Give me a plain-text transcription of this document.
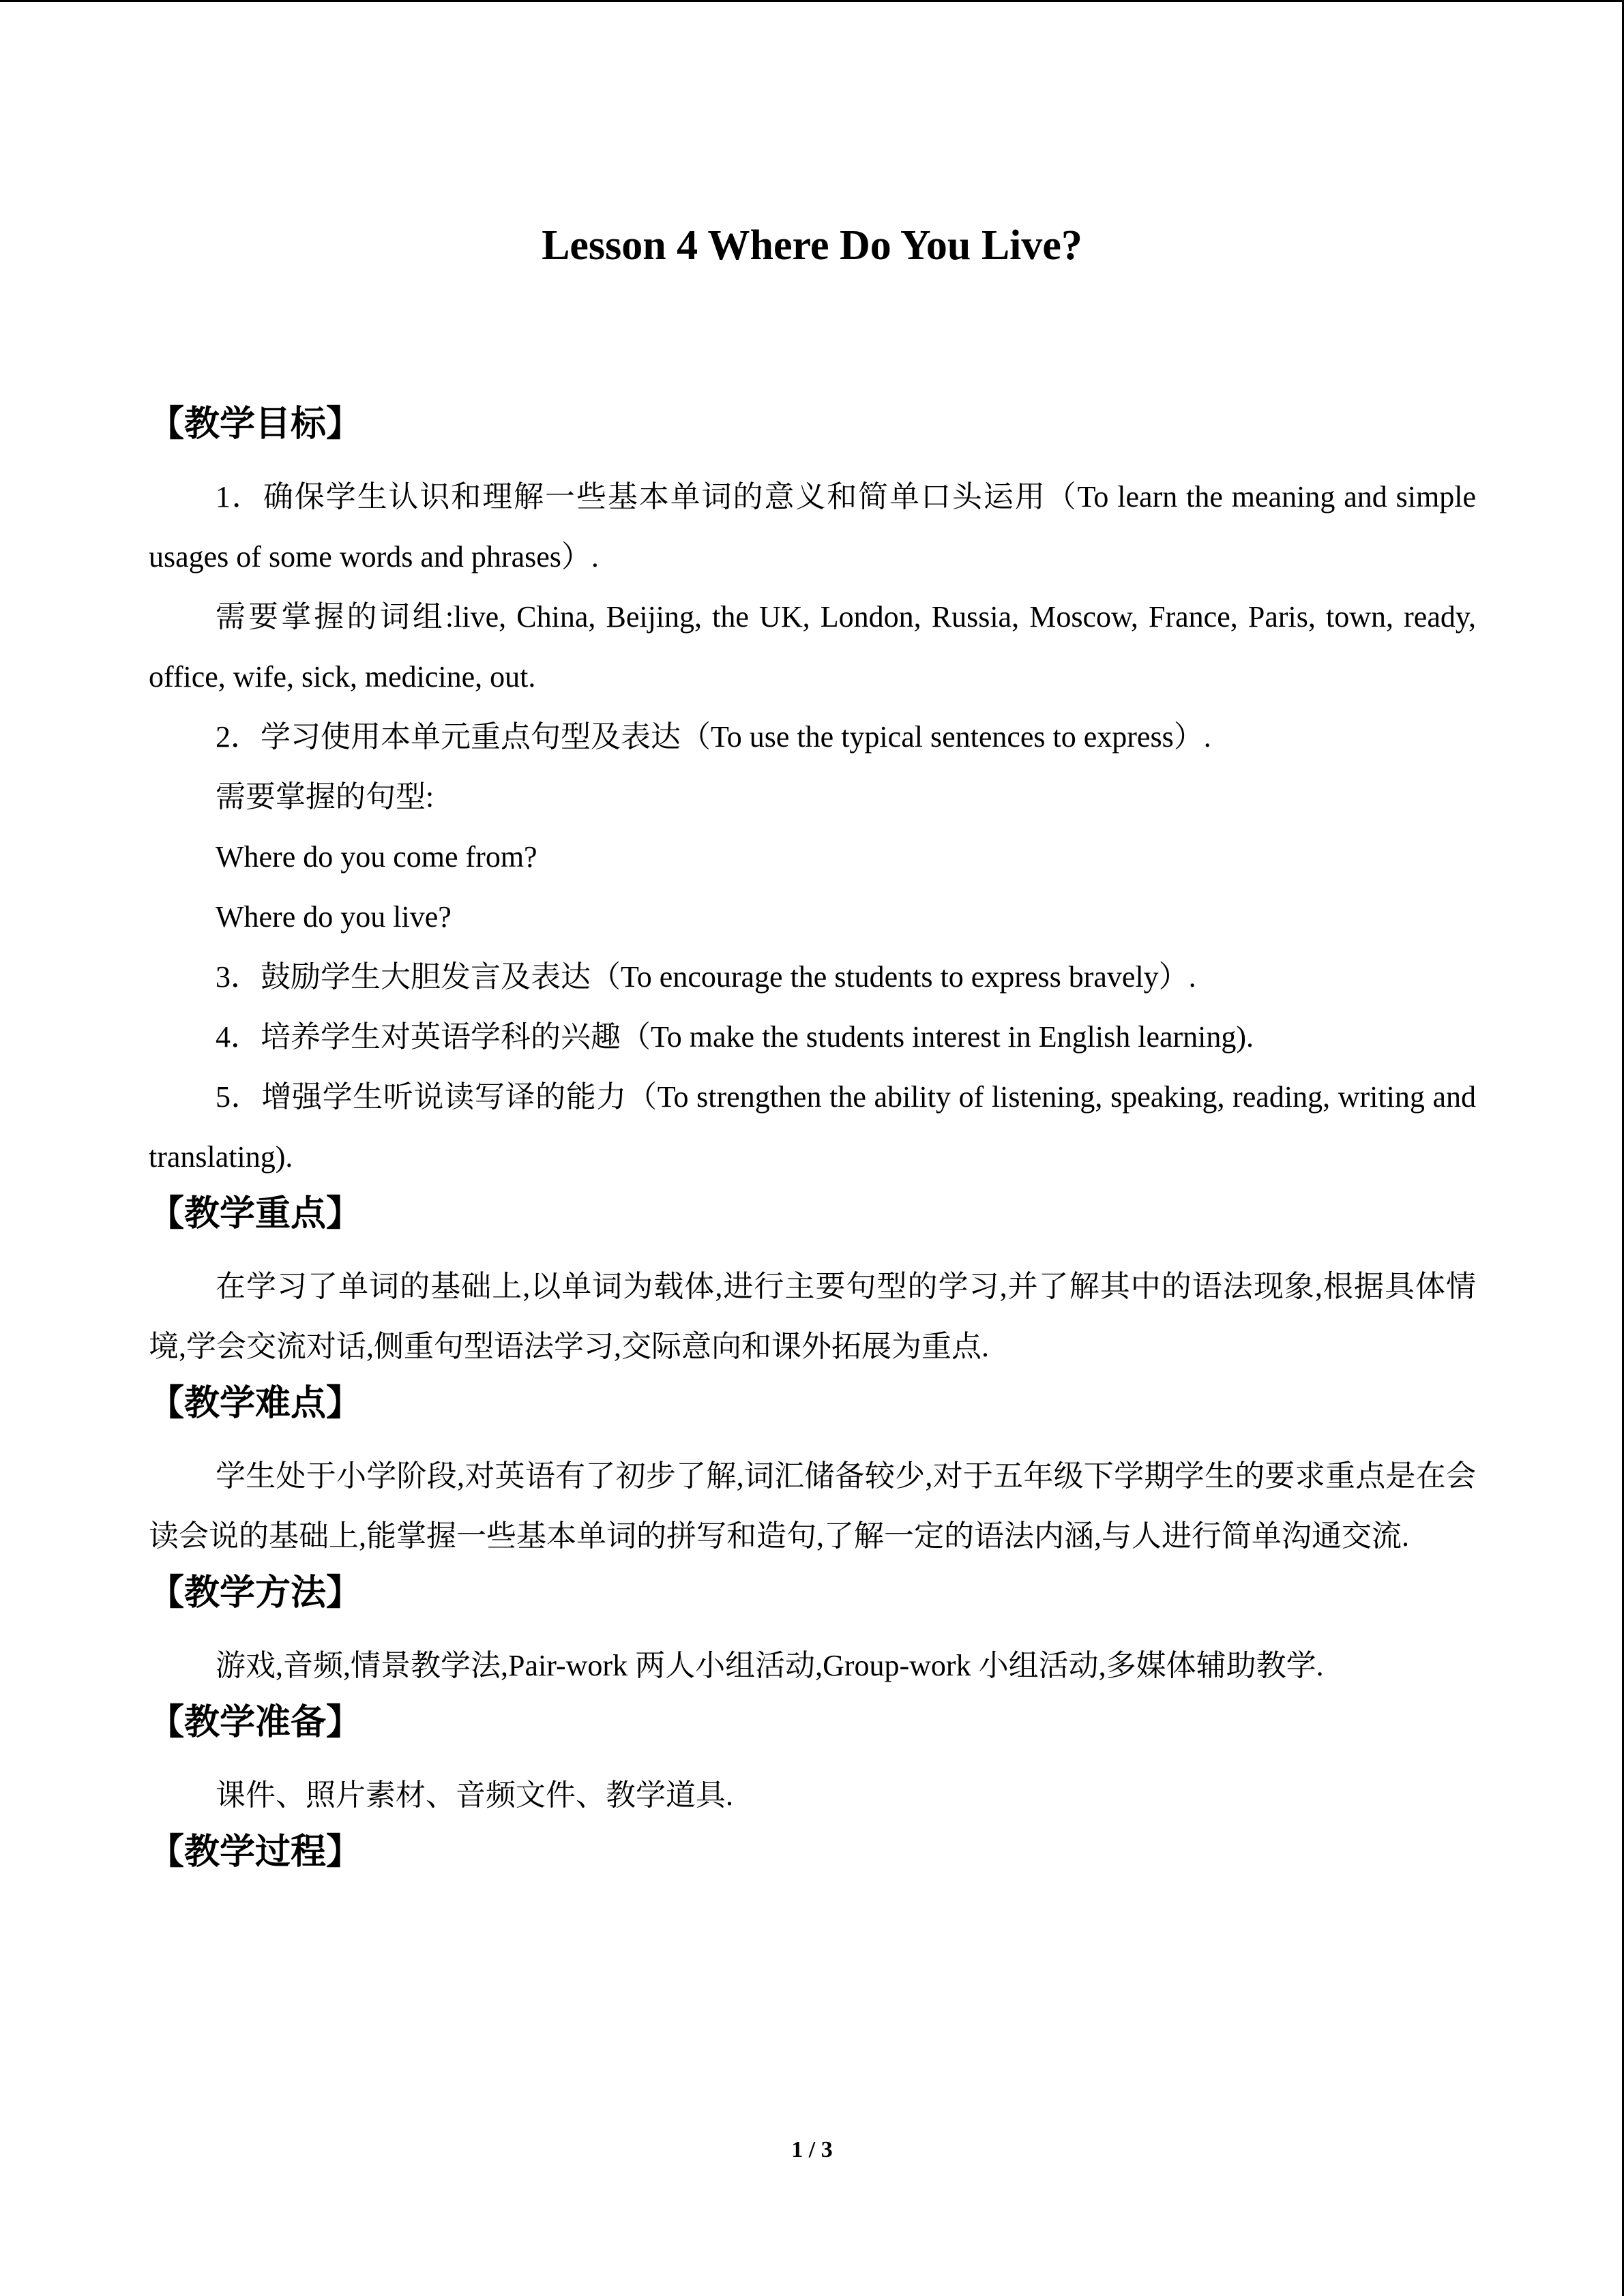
Lesson 4 Where Do You Live?
【教学目标】

1．确保学生认识和理解一些基本单词的意义和简单口头运用（To learn the meaning and simple usages of some words and phrases）.

需要掌握的词组:live, China, Beijing, the UK, London, Russia, Moscow, France, Paris, town, ready, office, wife, sick, medicine, out.

2．学习使用本单元重点句型及表达（To use the typical sentences to express）.

需要掌握的句型:

Where do you come from?

Where do you live?

3．鼓励学生大胆发言及表达（To encourage the students to express bravely）.

4．培养学生对英语学科的兴趣（To make the students interest in English learning).

5．增强学生听说读写译的能力（To strengthen the ability of listening, speaking, reading, writing and translating).

【教学重点】

在学习了单词的基础上,以单词为载体,进行主要句型的学习,并了解其中的语法现象,根据具体情境,学会交流对话,侧重句型语法学习,交际意向和课外拓展为重点.

【教学难点】

学生处于小学阶段,对英语有了初步了解,词汇储备较少,对于五年级下学期学生的要求重点是在会读会说的基础上,能掌握一些基本单词的拼写和造句,了解一定的语法内涵,与人进行简单沟通交流.

【教学方法】

游戏,音频,情景教学法,Pair-work 两人小组活动,Group-work 小组活动,多媒体辅助教学.

【教学准备】

课件、照片素材、音频文件、教学道具.

【教学过程】
1 / 3
